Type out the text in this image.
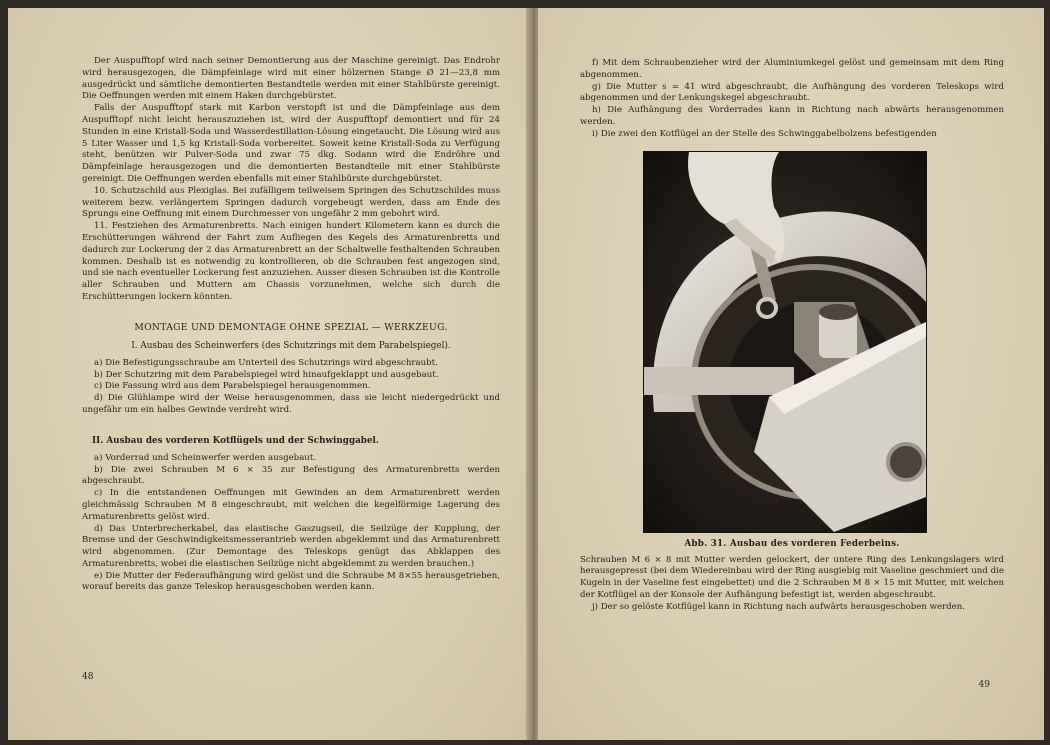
Der Auspufftopf wird nach seiner Demontierung aus der Maschine gereinigt. Das Endrohr wird herausgezogen, die Dämpfeinlage wird mit einer hölzernen Stange Ø 21—23,8 mm ausgedrückt und sämtliche demontierten Bestandteile werden mit einer Stahlbürste gereinigt. Die Oeffnungen werden mit einem Haken durchgebürstet.

Falls der Auspufftopf stark mit Karbon verstopft ist und die Dämpfeinlage aus dem Auspufftopf nicht leicht herauszuziehen ist, wird der Auspufftopf demontiert und für 24 Stunden in eine Kristall-Soda und Wasserdestillation-Lösung eingetaucht. Die Lösung wird aus 5 Liter Wasser und 1,5 kg Kristall-Soda vorbereitet. Soweit keine Kristall-Soda zu Verfügung steht, benützen wir Pulver-Soda und zwar 75 dkg. Sodann wird die Endröhre und Dämpfeinlage herausgezogen und die demontierten Bestandteile mit einer Stahlbürste gereinigt. Die Oeffnungen werden ebenfalls mit einer Stahlbürste durchgebürstet.

10. Schutzschild aus Plexiglas. Bei zufälligem teilweisem Springen des Schutzschildes muss weiterem bezw. verlängertem Springen dadurch vorgebeugt werden, dass am Ende des Sprungs eine Oeffnung mit einem Durchmesser von ungefähr 2 mm gebohrt wird.

11. Festziehen des Armaturenbretts. Nach einigen hundert Kilometern kann es durch die Erschütterungen während der Fahrt zum Aufliegen des Kegels des Armaturenbretts und dadurch zur Lockerung der 2 das Armaturenbrett an der Schaltwelle festhaltenden Schrauben kommen. Deshalb ist es notwendig zu kontrollieren, ob die Schrauben fest angezogen sind, und sie nach eventueller Lockerung fest anzuziehen. Ausser diesen Schrauben ist die Kontrolle aller Schrauben und Muttern am Chassis vorzunehmen, welche sich durch die Erschütterungen lockern könnten.

MONTAGE UND DEMONTAGE OHNE SPEZIAL — WERKZEUG.
I. Ausbau des Scheinwerfers (des Schutzrings mit dem Parabelspiegel).

a) Die Befestigungsschraube am Unterteil des Schutzrings wird abgeschraubt.

b) Der Schutzring mit dem Parabelspiegel wird hinaufgeklappt und ausgebaut.

c) Die Fassung wird aus dem Parabelspiegel herausgenommen.

d) Die Glühlampe wird der Weise herausgenommen, dass sie leicht niedergedrückt und ungefähr um ein halbes Gewinde verdreht wird.

II. Ausbau des vorderen Kotflügels und der Schwinggabel.

a) Vorderrad und Scheinwerfer werden ausgebaut.

b) Die zwei Schrauben M 6 × 35 zur Befestigung des Armaturenbretts werden abgeschraubt.

c) In die entstandenen Oeffnungen mit Gewinden an dem Armaturenbrett werden gleichmässig Schrauben M 8 eingeschraubt, mit welchen die kegelförmige Lagerung des Armaturenbretts gelöst wird.

d) Das Unterbrecherkabel, das elastische Gaszugseil, die Seilzüge der Kupplung, der Bremse und der Geschwindigkeitsmesserantrieb werden abgeklemmt und das Armaturenbrett wird abgenommen. (Zur Demontage des Teleskops genügt das Abklappen des Armaturenbretts, wobei die elastischen Seilzüge nicht abgeklemmt zu werden brauchen.)

e) Die Mutter der Federaufhängung wird gelöst und die Schraube M 8×55 herausgetrieben, worauf bereits das ganze Teleskop herausgeschoben werden kann.

48

f) Mit dem Schraubenzieher wird der Aluminiumkegel gelöst und gemeinsam mit dem Ring abgenommen.

g) Die Mutter s = 41 wird abgeschraubt, die Aufhängung des vorderen Teleskops wird abgenommen und der Lenkungskegel abgeschraubt.

h) Die Aufhängung des Vorderrades kann in Richtung nach abwärts herausgenommen werden.

i) Die zwei den Kotflügel an der Stelle des Schwinggabelbolzens befestigenden

Abb. 31. Ausbau des vorderen Federbeins.

Schrauben M 6 × 8 mit Mutter werden gelockert, der untere Ring des Lenkungslagers wird herausgepresst (bei dem Wiedereinbau wird der Ring ausgiebig mit Vaseline geschmiert und die Kugeln in der Vaseline fest eingebettet) und die 2 Schrauben M 8 × 15 mit Mutter, mit welchen der Kotflügel an der Konsole der Aufhängung befestigt ist, werden abgeschraubt.

j) Der so gelöste Kotflügel kann in Richtung nach aufwärts herausgeschoben werden.

49
